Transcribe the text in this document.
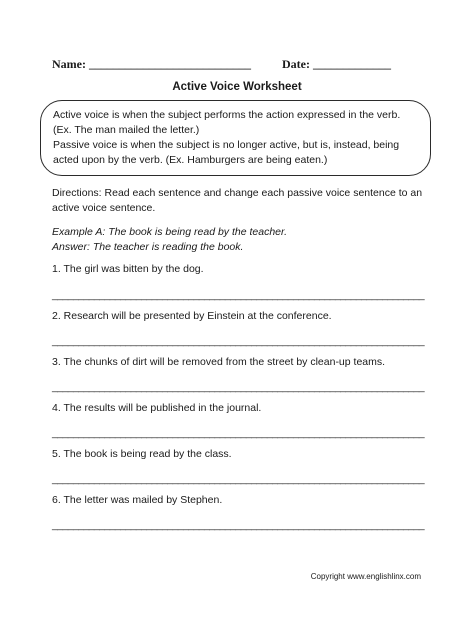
Name: ___________________________	Date: _____________
Active Voice Worksheet

Active voice is when the subject performs the action expressed in the verb. (Ex. The man mailed the letter.)

Passive voice is when the subject is no longer active, but is, instead, being acted upon by the verb. (Ex. Hamburgers are being eaten.)

Directions: Read each sentence and change each passive voice sentence to an active voice sentence.

Example A: The book is being read by the teacher.
Answer: The teacher is reading the book.
1. The girl was bitten by the dog.
_______________________________________________________________________
2. Research will be presented by Einstein at the conference.
_______________________________________________________________________
3. The chunks of dirt will be removed from the street by clean-up teams.
_______________________________________________________________________
4. The results will be published in the journal.
_______________________________________________________________________
5. The book is being read by the class.
_______________________________________________________________________
6. The letter was mailed by Stephen.
_______________________________________________________________________
Copyright www.englishlinx.com
